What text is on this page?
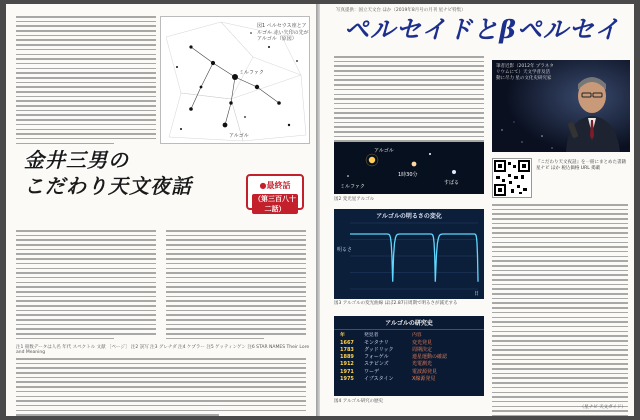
アルゴル
ミルファク
図1 ペルセウス座とアルゴル 赤い矢印の先がアルゴル（原図）
金井三男の
こだわり天文夜話	●最終話
（第三百八十二話）
注1 冊数データは人名 年代 スペクトル 文献 ［ページ］ 注2 誤写 注3 グレナダ 注4 ケプラー 注5 ゲッティンゲン 注6 STAR NAMES Their Lore and Meaning
写真提供：国立天文台 ほか（2019年8月号の月刊 星ナビ特集）
ペルセイドとβペルセイ
筆者近影（2012年 プラネタリウムにて）天文学普及活動に尽力 星の文化史研究家
アルゴル
ミルファク
1時30分
すばる
図2 変光星アルゴル
アルゴルの明るさの変化
明るさ
日
図3 アルゴルの変光曲線 ほぼ2.87日周期で明るさが減光する
アルゴルの研究史
年	発見者	内容
1667	モンタナリ	変光発見
1783	グッドリック	周期決定
1889	フォーゲル	連星運動の確認
1912	ステビンズ	光電測光
1971	ワーデ	電波源発見
1975	イブスタイン	X線源発見
図4 アルゴル研究の歴史
『こだわり天文夜話』を一冊にまとめた書籍 星ナビ ほか 税込価格 URL 掲載
（星ナビ 天文ガイド）
